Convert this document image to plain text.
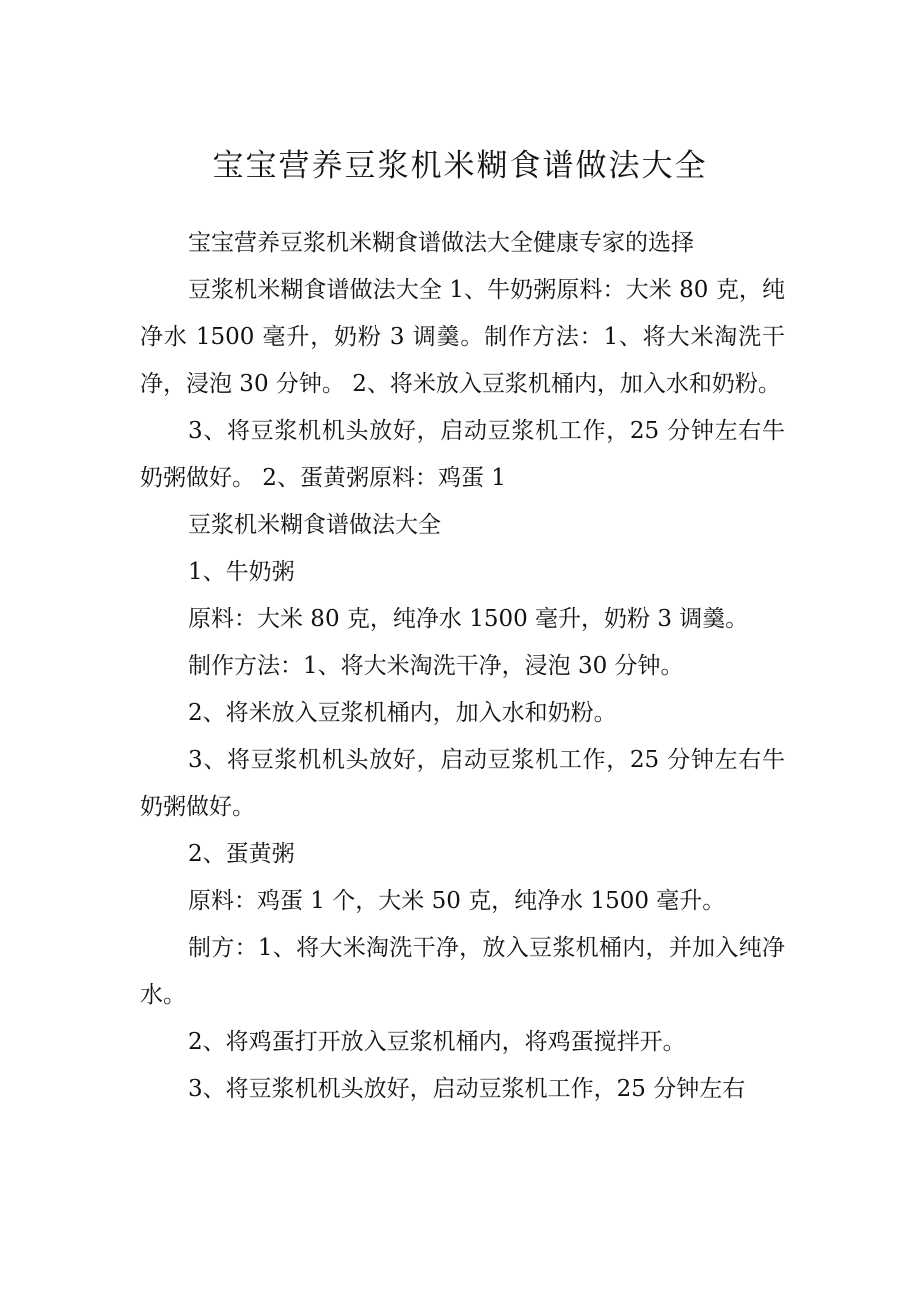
宝宝营养豆浆机米糊食谱做法大全

宝宝营养豆浆机米糊食谱做法大全健康专家的选择

豆浆机米糊食谱做法大全 1、牛奶粥原料：大米 80 克，纯净水 1500 毫升，奶粉 3 调羹。制作方法：1、将大米淘洗干净，浸泡 30 分钟。 2、将米放入豆浆机桶内，加入水和奶粉。

3、将豆浆机机头放好，启动豆浆机工作，25 分钟左右牛奶粥做好。 2、蛋黄粥原料：鸡蛋 1

豆浆机米糊食谱做法大全

1、牛奶粥

原料：大米 80 克，纯净水 1500 毫升，奶粉 3 调羹。

制作方法：1、将大米淘洗干净，浸泡 30 分钟。

2、将米放入豆浆机桶内，加入水和奶粉。

3、将豆浆机机头放好，启动豆浆机工作，25 分钟左右牛奶粥做好。

2、蛋黄粥

原料：鸡蛋 1 个，大米 50 克，纯净水 1500 毫升。

制方：1、将大米淘洗干净，放入豆浆机桶内，并加入纯净水。

2、将鸡蛋打开放入豆浆机桶内，将鸡蛋搅拌开。

3、将豆浆机机头放好，启动豆浆机工作，25 分钟左右
